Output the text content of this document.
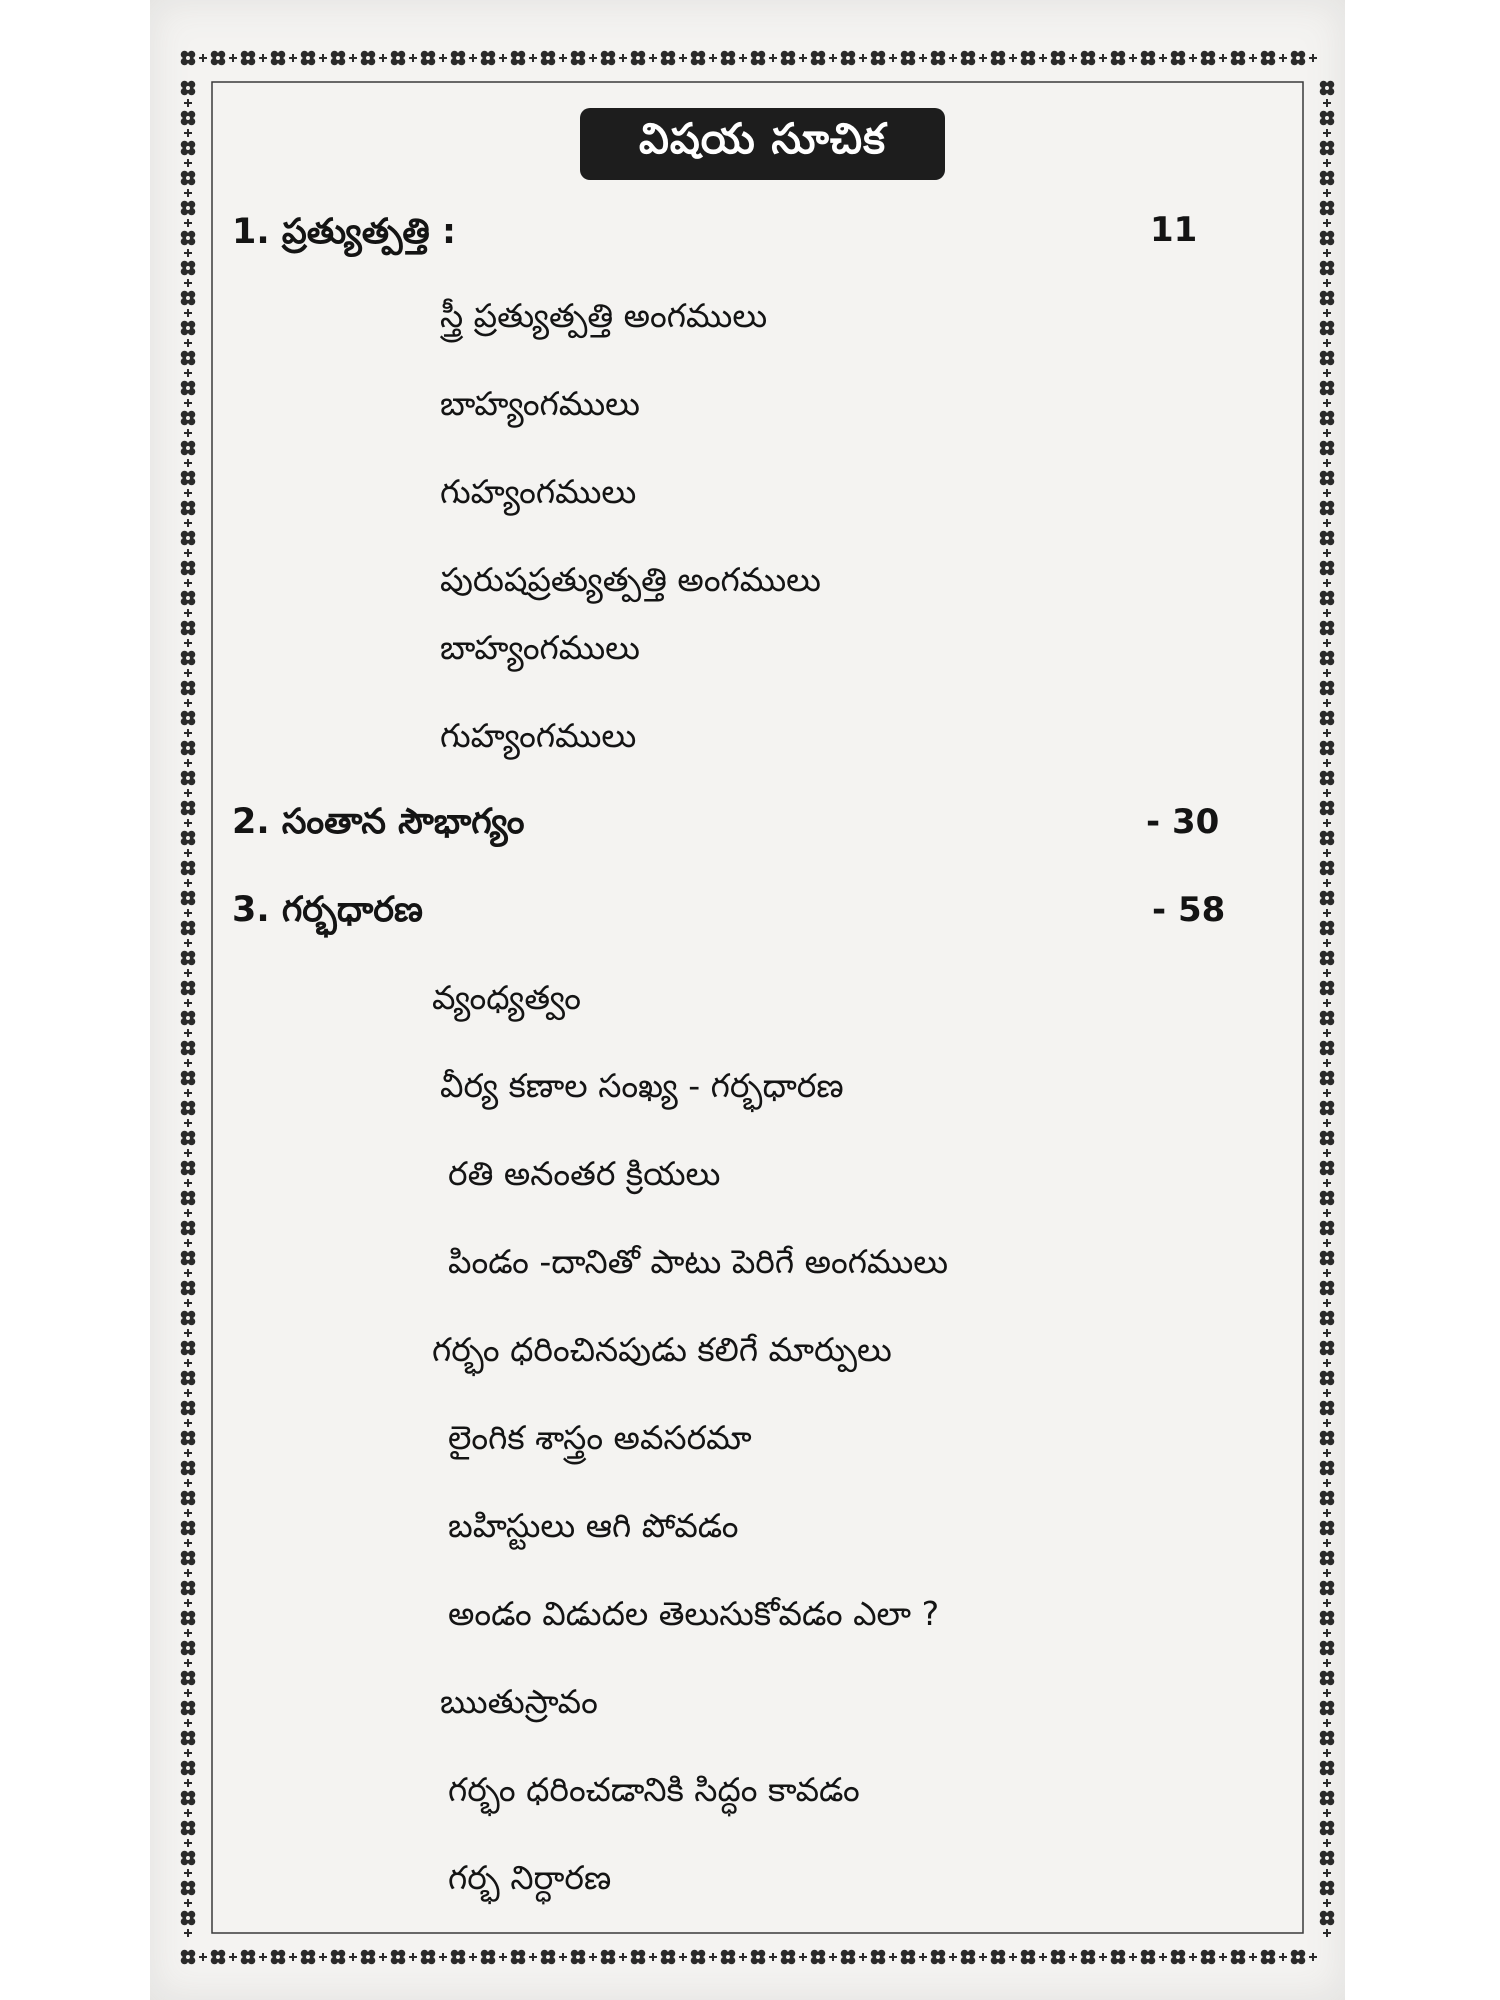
విషయ సూచిక
1. ప్రత్యుత్పత్తి :	11
స్త్రీ ప్రత్యుత్పత్తి అంగములు
బాహ్యంగములు
గుహ్యంగములు
పురుషప్రత్యుత్పత్తి అంగములు
బాహ్యంగములు
గుహ్యంగములు
2. సంతాన సౌభాగ్యం	- 30
3. గర్భధారణ	- 58
వ్యంధ్యత్వం
వీర్య కణాల సంఖ్య - గర్భధారణ
రతి అనంతర క్రియలు
పిండం -దానితో పాటు పెరిగే అంగములు
గర్భం ధరించినపుడు కలిగే మార్పులు
లైంగిక శాస్త్రం అవసరమా
బహిస్టులు ఆగి పోవడం
అండం విడుదల తెలుసుకోవడం ఎలా ?
ఋతుస్రావం
గర్భం ధరించడానికి సిద్ధం కావడం
గర్భ నిర్ధారణ
